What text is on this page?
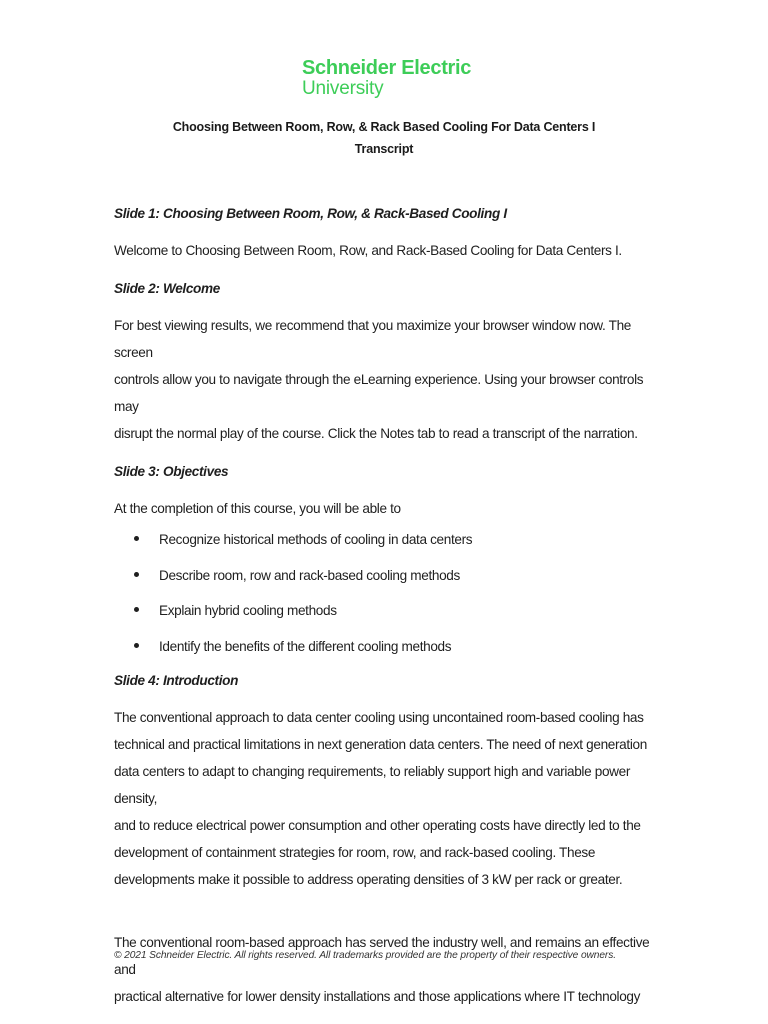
Schneider Electric
University
Choosing Between Room, Row, & Rack Based Cooling For Data Centers I
Transcript

Slide 1: Choosing Between Room, Row, & Rack-Based Cooling I

Welcome to Choosing Between Room, Row, and Rack-Based Cooling for Data Centers I.

Slide 2: Welcome

For best viewing results, we recommend that you maximize your browser window now. The screen

controls allow you to navigate through the eLearning experience. Using your browser controls may

disrupt the normal play of the course. Click the Notes tab to read a transcript of the narration.

Slide 3: Objectives

At the completion of this course, you will be able to

Recognize historical methods of cooling in data centers
Describe room, row and rack-based cooling methods
Explain hybrid cooling methods
Identify the benefits of the different cooling methods

Slide 4: Introduction

The conventional approach to data center cooling using uncontained room-based cooling has

technical and practical limitations in next generation data centers. The need of next generation

data centers to adapt to changing requirements, to reliably support high and variable power density,

and to reduce electrical power consumption and other operating costs have directly led to the

development of containment strategies for room, row, and rack-based cooling. These

developments make it possible to address operating densities of 3 kW per rack or greater.

The conventional room-based approach has served the industry well, and remains an effective and

practical alternative for lower density installations and those applications where IT technology

© 2021 Schneider Electric. All rights reserved. All trademarks provided are the property of their respective owners.
